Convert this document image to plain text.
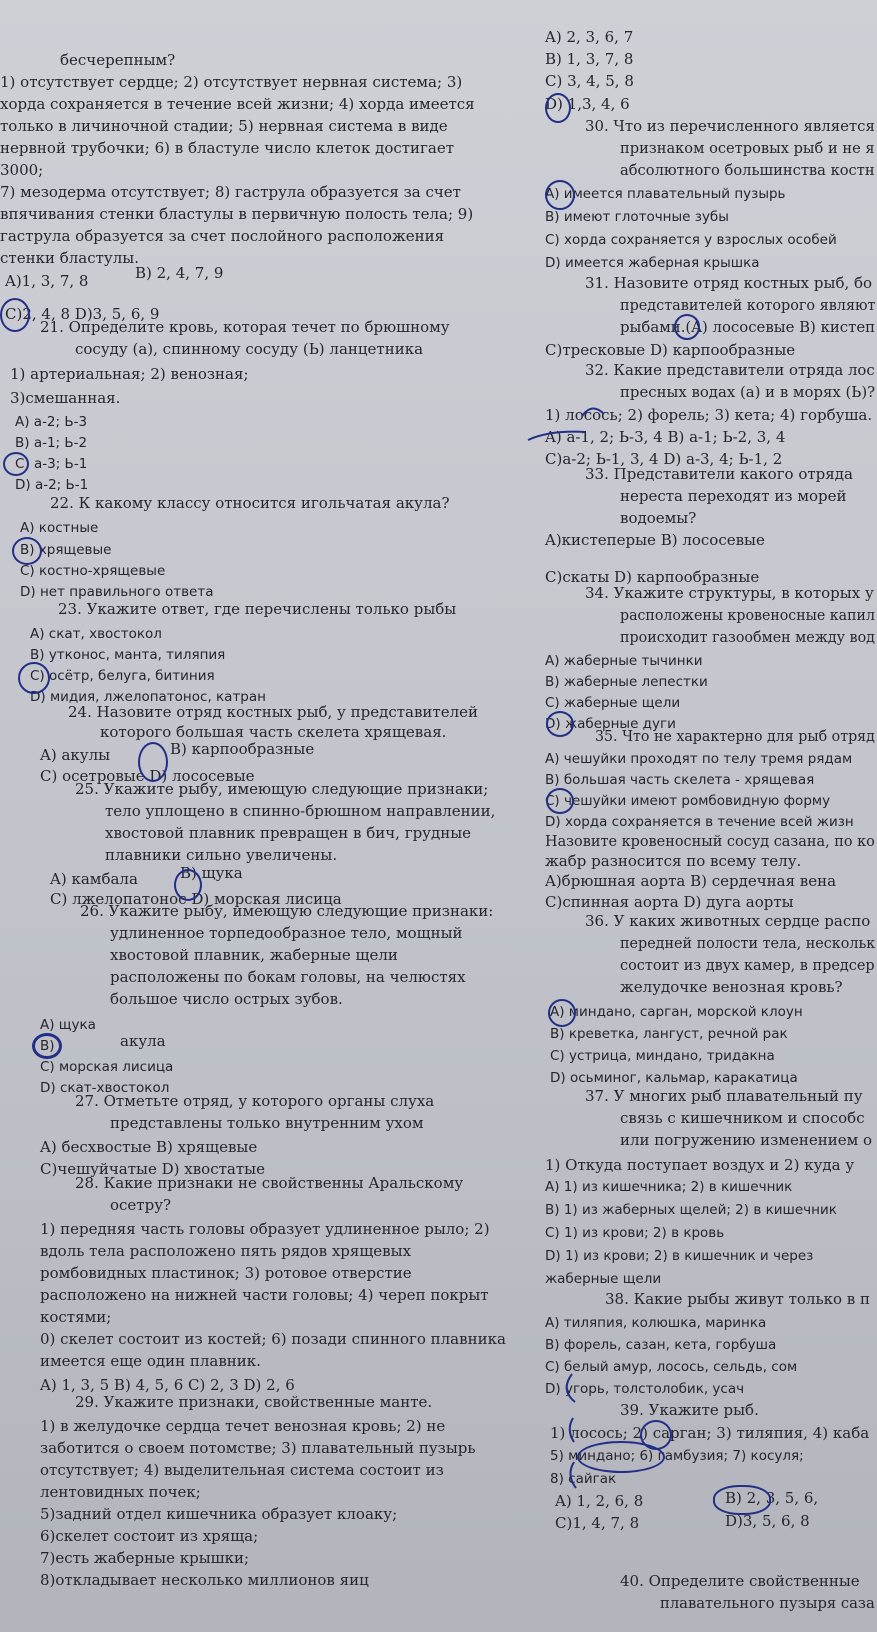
бесчерепным?
1) отсутствует сердце; 2) отсутствует нервная система; 3)
хорда сохраняется в течение всей жизни; 4) хорда имеется
только в личиночной стадии; 5) нервная система в виде
нервной трубочки; 6) в бластуле число клеток достигает
3000;
7) мезодерма отсутствует; 8) гаструла образуется за счет
впячивания стенки бластулы в первичную полость тела; 9)
гаструла образуется за счет послойного расположения
стенки бластулы.
A)1, 3, 7, 8	B) 2, 4, 7, 9
C)2, 4, 8 D)3, 5, 6, 9
21. Определите кровь, которая течет по брюшному
сосуду (а), спинному сосуду (Ь) ланцетника
1) артериальная; 2) венозная;
3)смешанная.
A) a-2; Ь-3
B) a-1; Ь-2
C) a-3; Ь-1
D) a-2; Ь-1
22. К какому классу относится игольчатая акула?
A) костные
B) хрящевые
C) костно-хрящевые
D) нет правильного ответа
23. Укажите ответ, где перечислены только рыбы
A) скат, хвостокол
B) утконос, манта, тиляпия
C) осётр, белуга, битиния
D) мидия, лжелопатонос, катран
24. Назовите отряд костных рыб, у представителей
которого большая часть скелета хрящевая.
A) акулы	B) карпообразные
C) осетровые D) лососевые
25. Укажите рыбу, имеющую следующие признаки;
тело уплощено в спинно-брюшном направлении,
хвостовой плавник превращен в бич, грудные
плавники сильно увеличены.
A) камбала	B) щука
C) лжелопатонос D) морская лисица
26. Укажите рыбу, имеющую следующие признаки:
удлиненное торпедообразное тело, мощный
хвостовой плавник, жаберные щели
расположены по бокам головы, на челюстях
большое число острых зубов.
A) щука
B)	акула
C) морская лисица
D) скат-хвостокол
27. Отметьте отряд, у которого органы слуха
представлены только внутренним ухом
A) бесхвостые B) хрящевые
C)чешуйчатые D) хвостатые
28. Какие признаки не свойственны Аральскому
осетру?
1) передняя часть головы образует удлиненное рыло; 2)
вдоль тела расположено пять рядов хрящевых
ромбовидных пластинок; 3) ротовое отверстие
расположено на нижней части головы; 4) череп покрыт
костями;
0) скелет состоит из костей; 6) позади спинного плавника
имеется еще один плавник.
A) 1, 3, 5 B) 4, 5, 6 C) 2, 3 D) 2, 6
29. Укажите признаки, свойственные манте.
1) в желудочке сердца течет венозная кровь; 2) не
заботится о своем потомстве; 3) плавательный пузырь
отсутствует; 4) выделительная система состоит из
лентовидных почек;
5)задний отдел кишечника образует клоаку;
6)скелет состоит из хряща;
7)есть жаберные крышки;
8)откладывает несколько миллионов яиц
A) 2, 3, 6, 7
B) 1, 3, 7, 8
C) 3, 4, 5, 8
D) 1,3, 4, 6
30. Что из перечисленного является
признаком осетровых рыб и не я
абсолютного большинства костн
A) имеется плавательный пузырь
B) имеют глоточные зубы
C) хорда сохраняется у взрослых особей
D) имеется жаберная крышка
31. Назовите отряд костных рыб, бо
представителей которого являют
рыбами.(A) лососевые B) кистеп
C)тресковые D) карпообразные
32. Какие представители отряда лос
пресных водах (а) и в морях (Ь)?
1) лосось; 2) форель; 3) кета; 4) горбуша.
A) a-1, 2; Ь-3, 4 B) a-1; Ь-2, 3, 4
C)a-2; Ь-1, 3, 4 D) a-3, 4; Ь-1, 2
33. Представители какого отряда
нереста переходят из морей
водоемы?
A)кистеперые B) лососевые
C)скаты D) карпообразные
34. Укажите структуры, в которых у
расположены кровеносные капил
происходит газообмен между вод
A) жаберные тычинки
B) жаберные лепестки
C) жаберные щели
D) жаберные дуги
35. Что не характерно для рыб отряд
A) чешуйки проходят по телу тремя рядам
B) большая часть скелета - хрящевая
C) чешуйки имеют ромбовидную форму
D) хорда сохраняется в течение всей жизн
Назовите кровеносный сосуд сазана, по ко
жабр разносится по всему телу.
A)брюшная аорта B) сердечная вена
C)спинная аорта D) дуга аорты
36. У каких животных сердце распо
передней полости тела, нескольк
состоит из двух камер, в предсер
желудочке венозная кровь?
A) миндано, сарган, морской клоун
B) креветка, лангуст, речной рак
C) устрица, миндано, тридакна
D) осьминог, кальмар, каракатица
37. У многих рыб плавательный пу
связь с кишечником и способс
или погружению изменением о
1) Откуда поступает воздух и 2) куда у
A) 1) из кишечника; 2) в кишечник
B) 1) из жаберных щелей; 2) в кишечник
C) 1) из крови; 2) в кровь
D) 1) из крови; 2) в кишечник и через
жаберные щели
38. Какие рыбы живут только в п
A) тиляпия, колюшка, маринка
B) форель, сазан, кета, горбуша
C) белый амур, лосось, сельдь, сом
D) угорь, толстолобик, усач
39. Укажите рыб.
1) лосось; 2) сарган; 3) тиляпия, 4) каба
5) миндано; 6) гамбузия; 7) косуля;
8) сайгак
A) 1, 2, 6, 8	B) 2, 3, 5, 6,
C)1, 4, 7, 8	D)3, 5, 6, 8
40. Определите свойственные
плавательного пузыря саза
